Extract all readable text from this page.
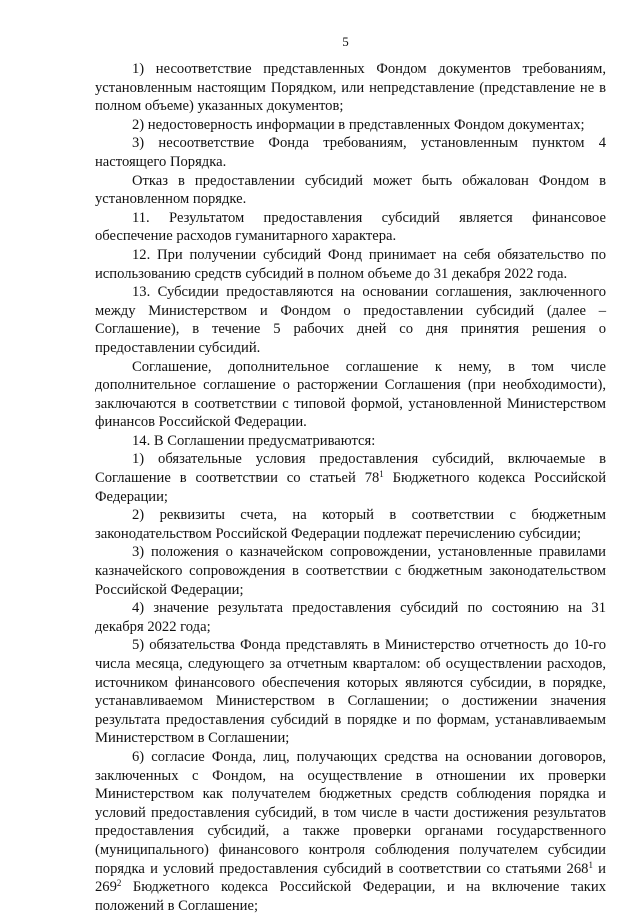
5

1) несоответствие представленных Фондом документов требованиям, установленным настоящим Порядком, или непредставление (представление не в полном объеме) указанных документов;

2) недостоверность информации в представленных Фондом документах;

3) несоответствие Фонда требованиям, установленным пунктом 4 настоящего Порядка.

Отказ в предоставлении субсидий может быть обжалован Фондом в установленном порядке.

11. Результатом предоставления субсидий является финансовое обеспечение расходов гуманитарного характера.

12. При получении субсидий Фонд принимает на себя обязательство по использованию средств субсидий в полном объеме до 31 декабря 2022 года.

13. Субсидии предоставляются на основании соглашения, заключенного между Министерством и Фондом о предоставлении субсидий (далее – Соглашение), в течение 5 рабочих дней со дня принятия решения о предоставлении субсидий.

Соглашение, дополнительное соглашение к нему, в том числе дополнительное соглашение о расторжении Соглашения (при необходимости), заключаются в соответствии с типовой формой, установленной Министерством финансов Российской Федерации.

14. В Соглашении предусматриваются:

1) обязательные условия предоставления субсидий, включаемые в Соглашение в соответствии со статьей $78^1$ Бюджетного кодекса Российской Федерации;

2) реквизиты счета, на который в соответствии с бюджетным законодательством Российской Федерации подлежат перечислению субсидии;

3) положения о казначейском сопровождении, установленные правилами казначейского сопровождения в соответствии с бюджетным законодательством Российской Федерации;

4) значение результата предоставления субсидий по состоянию на 31 декабря 2022 года;

5) обязательства Фонда представлять в Министерство отчетность до 10-го числа месяца, следующего за отчетным кварталом: об осуществлении расходов, источником финансового обеспечения которых являются субсидии, в порядке, устанавливаемом Министерством в Соглашении; о достижении значения результата предоставления субсидий в порядке и по формам, устанавливаемым Министерством в Соглашении;

6) согласие Фонда, лиц, получающих средства на основании договоров, заключенных с Фондом, на осуществление в отношении их проверки Министерством как получателем бюджетных средств соблюдения порядка и условий предоставления субсидий, в том числе в части достижения результатов предоставления субсидий, а также проверки органами государственного (муниципального) финансового контроля соблюдения получателем субсидии порядка и условий предоставления субсидий в соответствии со статьями $268^1$ и $269^2$ Бюджетного кодекса Российской Федерации, и на включение таких положений в Соглашение;
